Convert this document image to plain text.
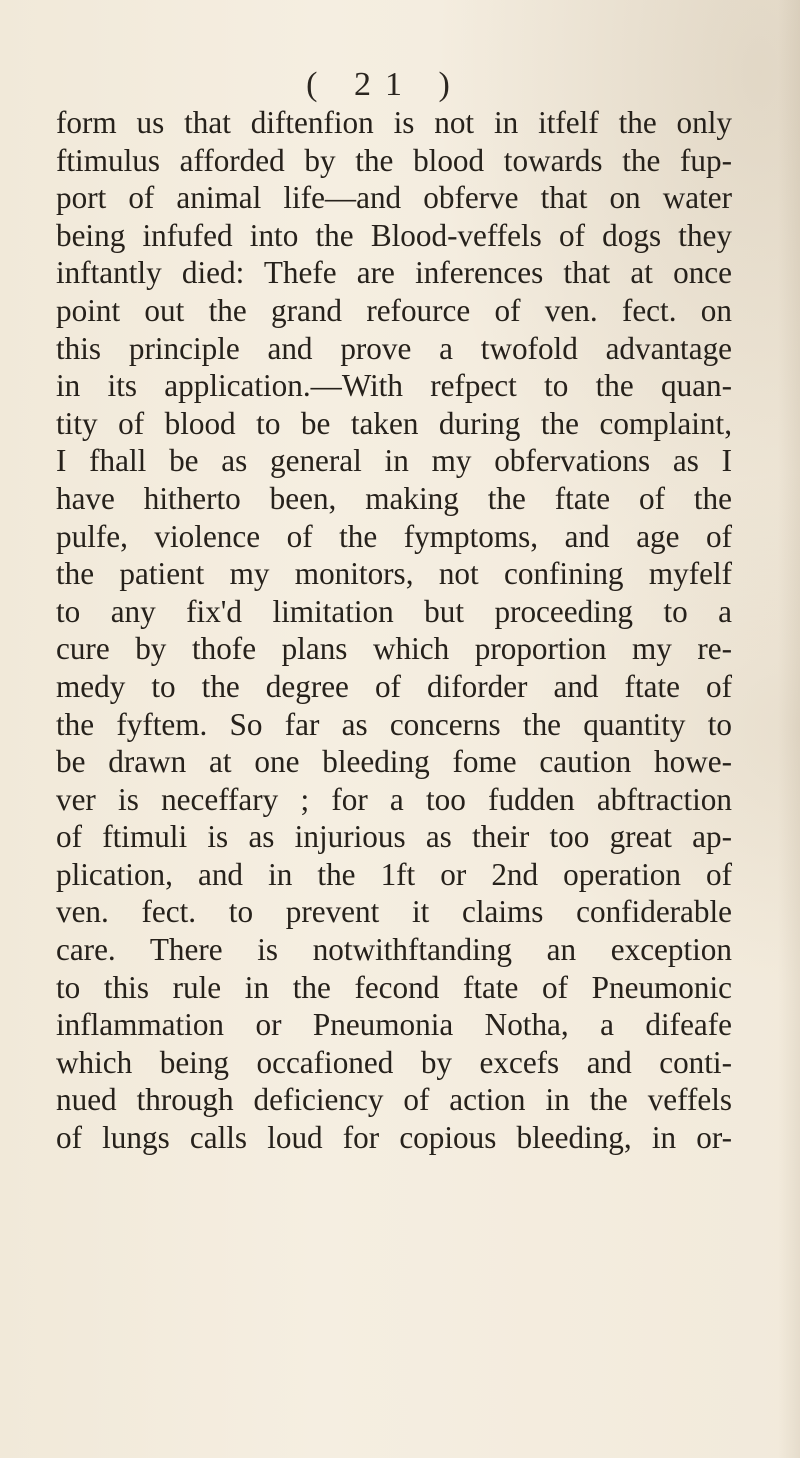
( 21 )
form us that diftenfion is not in itfelf the only
ftimulus afforded by the blood towards the fup-
port of animal life—and obferve that on water
being infufed into the Blood-veffels of dogs they
inftantly died: Thefe are inferences that at once
point out the grand refource of ven. fect. on
this principle and prove a twofold advantage
in its application.—With refpect to the quan-
tity of blood to be taken during the complaint,
I fhall be as general in my obfervations as I
have hitherto been, making the ftate of the
pulfe, violence of the fymptoms, and age of
the patient my monitors, not confining myfelf
to any fix'd limitation but proceeding to a
cure by thofe plans which proportion my re-
medy to the degree of diforder and ftate of
the fyftem. So far as concerns the quantity to
be drawn at one bleeding fome caution howe-
ver is neceffary ; for a too fudden abftraction
of ftimuli is as injurious as their too great ap-
plication, and in the 1ft or 2nd operation of
ven. fect. to prevent it claims confiderable
care. There is notwithftanding an exception
to this rule in the fecond ftate of Pneumonic
inflammation or Pneumonia Notha, a difeafe
which being occafioned by excefs and conti-
nued through deficiency of action in the veffels
of lungs calls loud for copious bleeding, in or-
